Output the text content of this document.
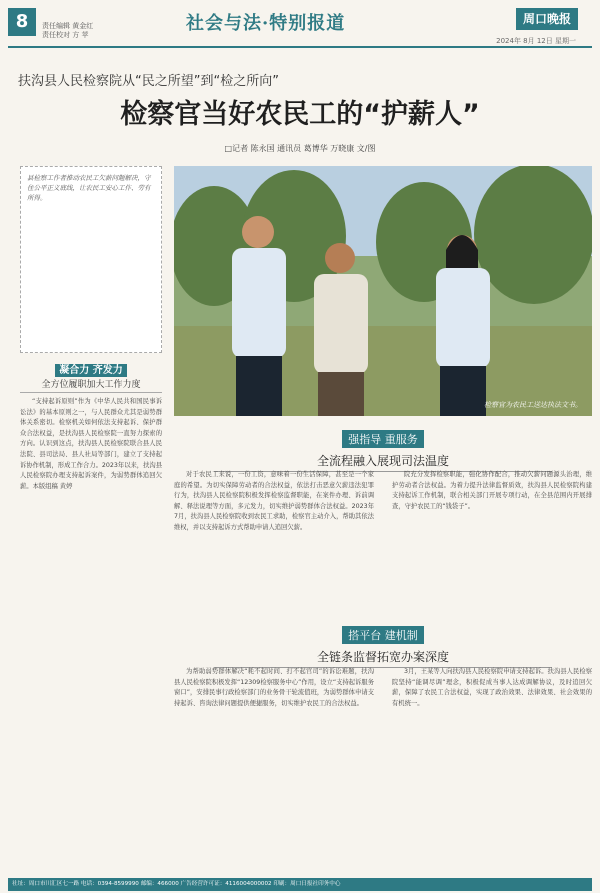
8	责任编辑 黄金红
责任校对 方 苹
社会与法·特别报道	周口晚报
2024年 8月 12日 星期一
扶沟县人民检察院从“民之所望”到“检之所向”
检察官当好农民工的“护薪人”
□记者 陈永国 通讯员 葛博华 万晓康 文/图
县检察工作者推动农民工欠薪问题解决，守住公平正义底线，让农民工安心工作、劳有所得。
凝合力 齐发力
全方位履职加大工作力度
“支持起诉原则”作为《中华人民共和国民事诉讼法》的基本原则之一，与人民群众尤其是弱势群体关系密切。检察机关如何依法支持起诉、保护群众合法权益，是扶沟县人民检察院一直努力探索的方向。认识到这点，扶沟县人民检察院联合县人民法院、县司法局、县人社局等部门，建立了支持起诉协作机制，形成工作合力。2023年以来，扶沟县人民检察院办理支持起诉案件，为弱势群体追回欠薪。本版组稿 黄婷
检察官为农民工送达执法文书。
强指导 重服务
全流程融入展现司法温度
对于农民工来说，一份工资，意味着一份生活保障，甚至是一个家庭的希望。为切实保障劳动者的合法权益，依法打击恶意欠薪违法犯罪行为，扶沟县人民检察院积极发挥检察监督职能，在案件办理、诉前调解、释法说理等方面，多元发力，切实维护弱势群体合法权益。2023年7月，扶沟县人民检察院收到农民工求助，检察官主动介入，帮助其依法维权，并以支持起诉方式帮助申请人追回欠薪。
院充分发挥检察职能，强化协作配合，推动欠薪问题源头治理，维护劳动者合法权益。为着力提升法律监督质效，扶沟县人民检察院构建支持起诉工作机制，联合相关部门开展专项行动，在全县范围内开展排查，守护农民工的“钱袋子”。
搭平台 建机制
全链条监督拓宽办案深度
为帮助弱势群体解决“耗不起时间、打不起官司”的诉讼难题，扶沟县人民检察院积极发挥“12309检察服务中心”作用，设立“支持起诉服务窗口”，安排民事行政检察部门的业务骨干轮流值班，为弱势群体申请支持起诉、咨询法律问题提供便捷服务，切实维护农民工的合法权益。
3月，王某等人向扶沟县人民检察院申请支持起诉。扶沟县人民检察院坚持“能调尽调”理念，积极促成当事人达成调解协议，及时追回欠薪，保障了农民工合法权益，实现了政治效果、法律效果、社会效果的有机统一。
社址：周口市川汇区七一路 电话：0394-8599990 邮编：466000 广告经营许可证：4116004000002 印刷：周口日报社印务中心
